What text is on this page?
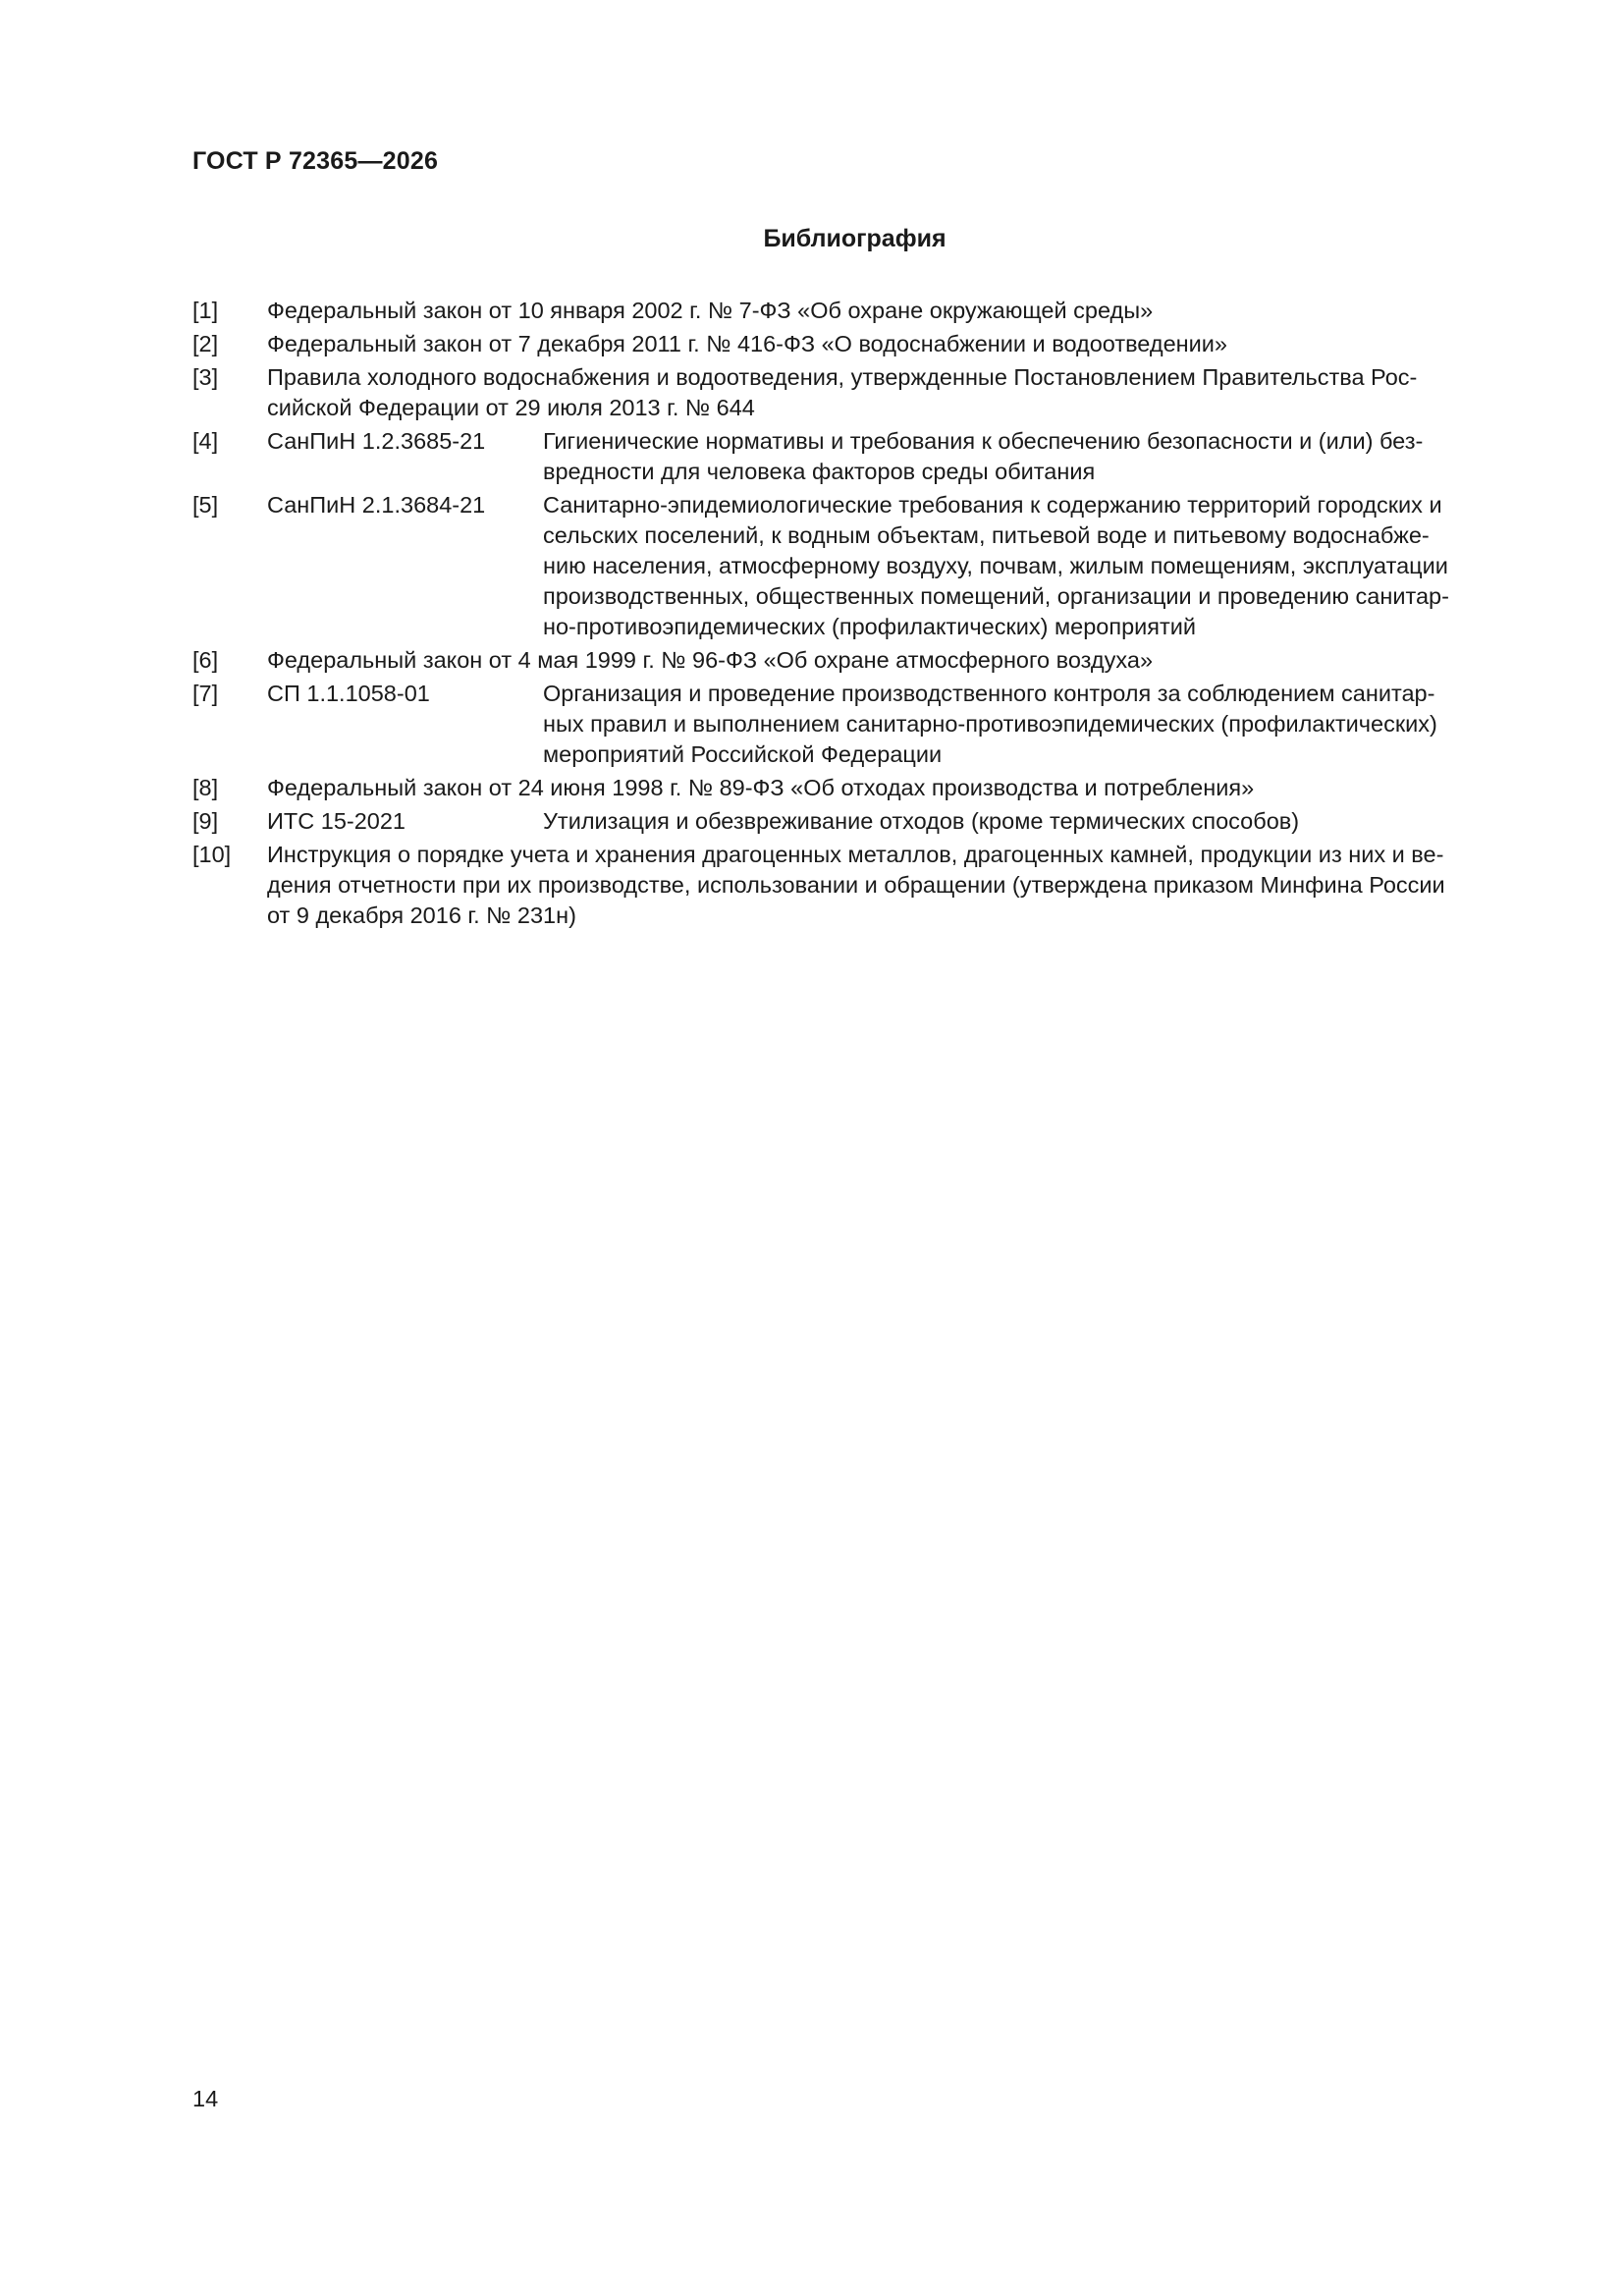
ГОСТ Р 72365—2026
Библиография
[1]	Федеральный закон от 10 января 2002 г. № 7-ФЗ «Об охране окружающей среды»
[2]	Федеральный закон от 7 декабря 2011 г. № 416-ФЗ «О водоснабжении и водоотведении»
[3]	Правила холодного водоснабжения и водоотведения, утвержденные Постановлением Правительства Рос-
сийской Федерации от 29 июля 2013 г. № 644
[4]	СанПиН 1.2.3685-21	Гигиенические нормативы и требования к обеспечению безопасности и (или) без-
вредности для человека факторов среды обитания
[5]	СанПиН 2.1.3684-21	Санитарно-эпидемиологические требования к содержанию территорий городских и
сельских поселений, к водным объектам, питьевой воде и питьевому водоснабже-
нию населения, атмосферному воздуху, почвам, жилым помещениям, эксплуатации
производственных, общественных помещений, организации и проведению санитар-
но-противоэпидемических (профилактических) мероприятий
[6]	Федеральный закон от 4 мая 1999 г. № 96-ФЗ «Об охране атмосферного воздуха»
[7]	СП 1.1.1058-01	Организация и проведение производственного контроля за соблюдением санитар-
ных правил и выполнением санитарно-противоэпидемических (профилактических)
мероприятий Российской Федерации
[8]	Федеральный закон от 24 июня 1998 г. № 89-ФЗ «Об отходах производства и потребления»
[9]	ИТС 15-2021	Утилизация и обезвреживание отходов (кроме термических способов)
[10]	Инструкция о порядке учета и хранения драгоценных металлов, драгоценных камней, продукции из них и ве-
дения отчетности при их производстве, использовании и обращении (утверждена приказом Минфина России
от 9 декабря 2016 г. № 231н)

14
